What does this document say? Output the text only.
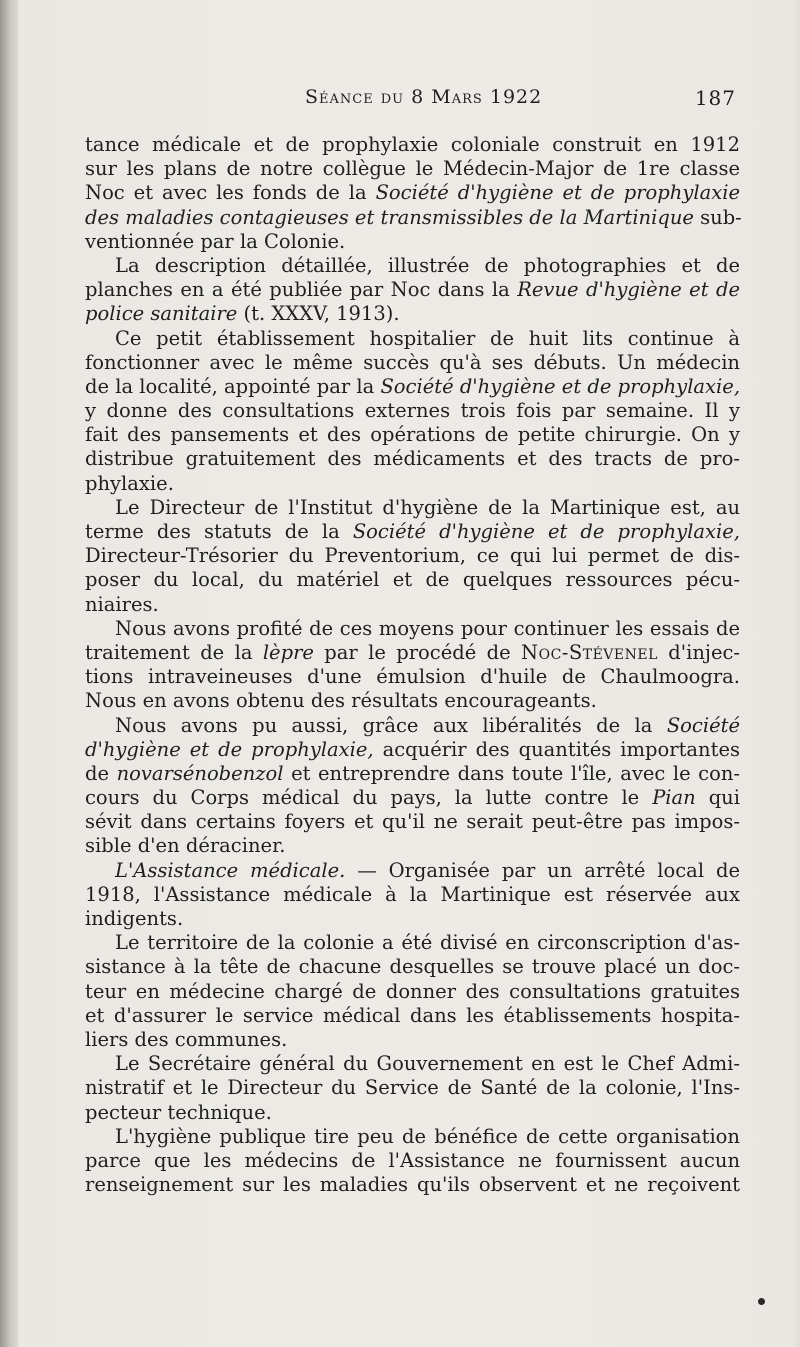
Séance du 8 Mars 1922	187
tance médicale et de prophylaxie coloniale construit en 1912
sur les plans de notre collègue le Médecin-Major de 1re classe
Noc et avec les fonds de la Société d'hygiène et de prophylaxie
des maladies contagieuses et transmissibles de la Martinique sub-
ventionnée par la Colonie.
La description détaillée, illustrée de photographies et de
planches en a été publiée par Noc dans la Revue d'hygiène et de
police sanitaire (t. XXXV, 1913).
Ce petit établissement hospitalier de huit lits continue à
fonctionner avec le même succès qu'à ses débuts. Un médecin
de la localité, appointé par la Société d'hygiène et de prophylaxie,
y donne des consultations externes trois fois par semaine. Il y
fait des pansements et des opérations de petite chirurgie. On y
distribue gratuitement des médicaments et des tracts de pro-
phylaxie.
Le Directeur de l'Institut d'hygiène de la Martinique est, au
terme des statuts de la Société d'hygiène et de prophylaxie,
Directeur-Trésorier du Preventorium, ce qui lui permet de dis-
poser du local, du matériel et de quelques ressources pécu-
niaires.
Nous avons profité de ces moyens pour continuer les essais de
traitement de la lèpre par le procédé de Noc-Stévenel d'injec-
tions intraveineuses d'une émulsion d'huile de Chaulmoogra.
Nous en avons obtenu des résultats encourageants.
Nous avons pu aussi, grâce aux libéralités de la Société
d'hygiène et de prophylaxie, acquérir des quantités importantes
de novarsénobenzol et entreprendre dans toute l'île, avec le con-
cours du Corps médical du pays, la lutte contre le Pian qui
sévit dans certains foyers et qu'il ne serait peut-être pas impos-
sible d'en déraciner.
L'Assistance médicale. — Organisée par un arrêté local de
1918, l'Assistance médicale à la Martinique est réservée aux
indigents.
Le territoire de la colonie a été divisé en circonscription d'as-
sistance à la tête de chacune desquelles se trouve placé un doc-
teur en médecine chargé de donner des consultations gratuites
et d'assurer le service médical dans les établissements hospita-
liers des communes.
Le Secrétaire général du Gouvernement en est le Chef Admi-
nistratif et le Directeur du Service de Santé de la colonie, l'Ins-
pecteur technique.
L'hygiène publique tire peu de bénéfice de cette organisation
parce que les médecins de l'Assistance ne fournissent aucun
renseignement sur les maladies qu'ils observent et ne reçoivent
